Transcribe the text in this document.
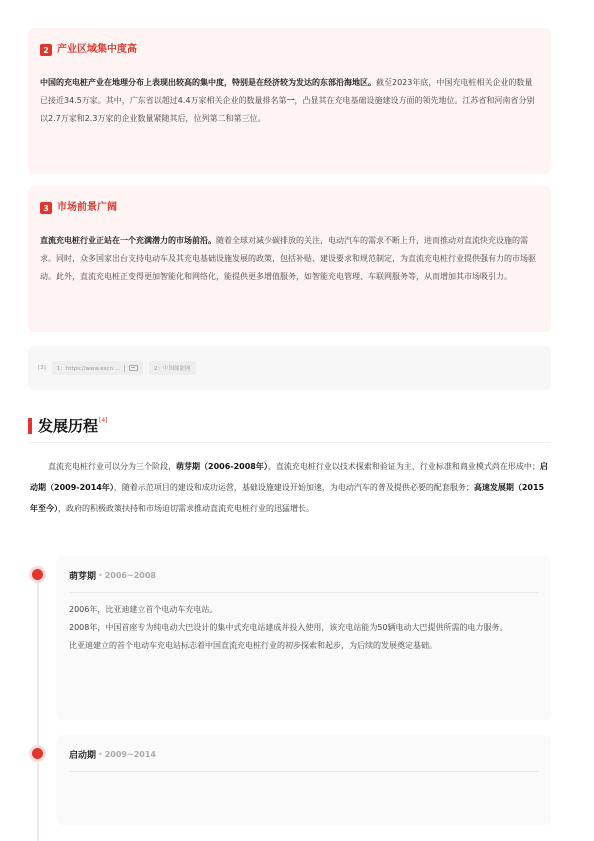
2 产业区域集中度高
中国的充电桩产业在地理分布上表现出较高的集中度，特别是在经济较为发达的东部沿海地区。截至2023年底，中国充电桩相关企业的数量已接近34.5万家。其中，广东省以超过4.4万家相关企业的数量排名第一，凸显其在充电基础设施建设方面的领先地位。江苏省和河南省分别以2.7万家和2.3万家的企业数量紧随其后，位列第二和第三位。
3 市场前景广阔
直流充电桩行业正站在一个充满潜力的市场前沿。随着全球对减少碳排放的关注，电动汽车的需求不断上升，进而推动对直流快充设施的需求。同时，众多国家出台支持电动车及其充电基础设施发展的政策，包括补贴、建设要求和规范制定，为直流充电桩行业提供强有力的市场驱动。此外，直流充电桩正变得更加智能化和网络化，能提供更多增值服务，如智能充电管理、车联网服务等，从而增加其市场吸引力。
[3] 1：https://www.escn....	2：中国储能网
发展历程 [4]
直流充电桩行业可以分为三个阶段，萌芽期（2006-2008年），直流充电桩行业以技术探索和验证为主，行业标准和商业模式尚在形成中；启动期（2009-2014年），随着示范项目的建设和成功运营，基础设施建设开始加速，为电动汽车的普及提供必要的配套服务；高速发展期（2015年至今），政府的积极政策扶持和市场迫切需求推动直流充电桩行业的迅猛增长。
萌芽期 • 2006~2008
2006年，比亚迪建立首个电动车充电站。
2008年，中国首座专为纯电动大巴设计的集中式充电站建成并投入使用，该充电站能为50辆电动大巴提供所需的电力服务。
比亚迪建立的首个电动车充电站标志着中国直流充电桩行业的初步探索和起步，为后续的发展奠定基础。
启动期 • 2009~2014
